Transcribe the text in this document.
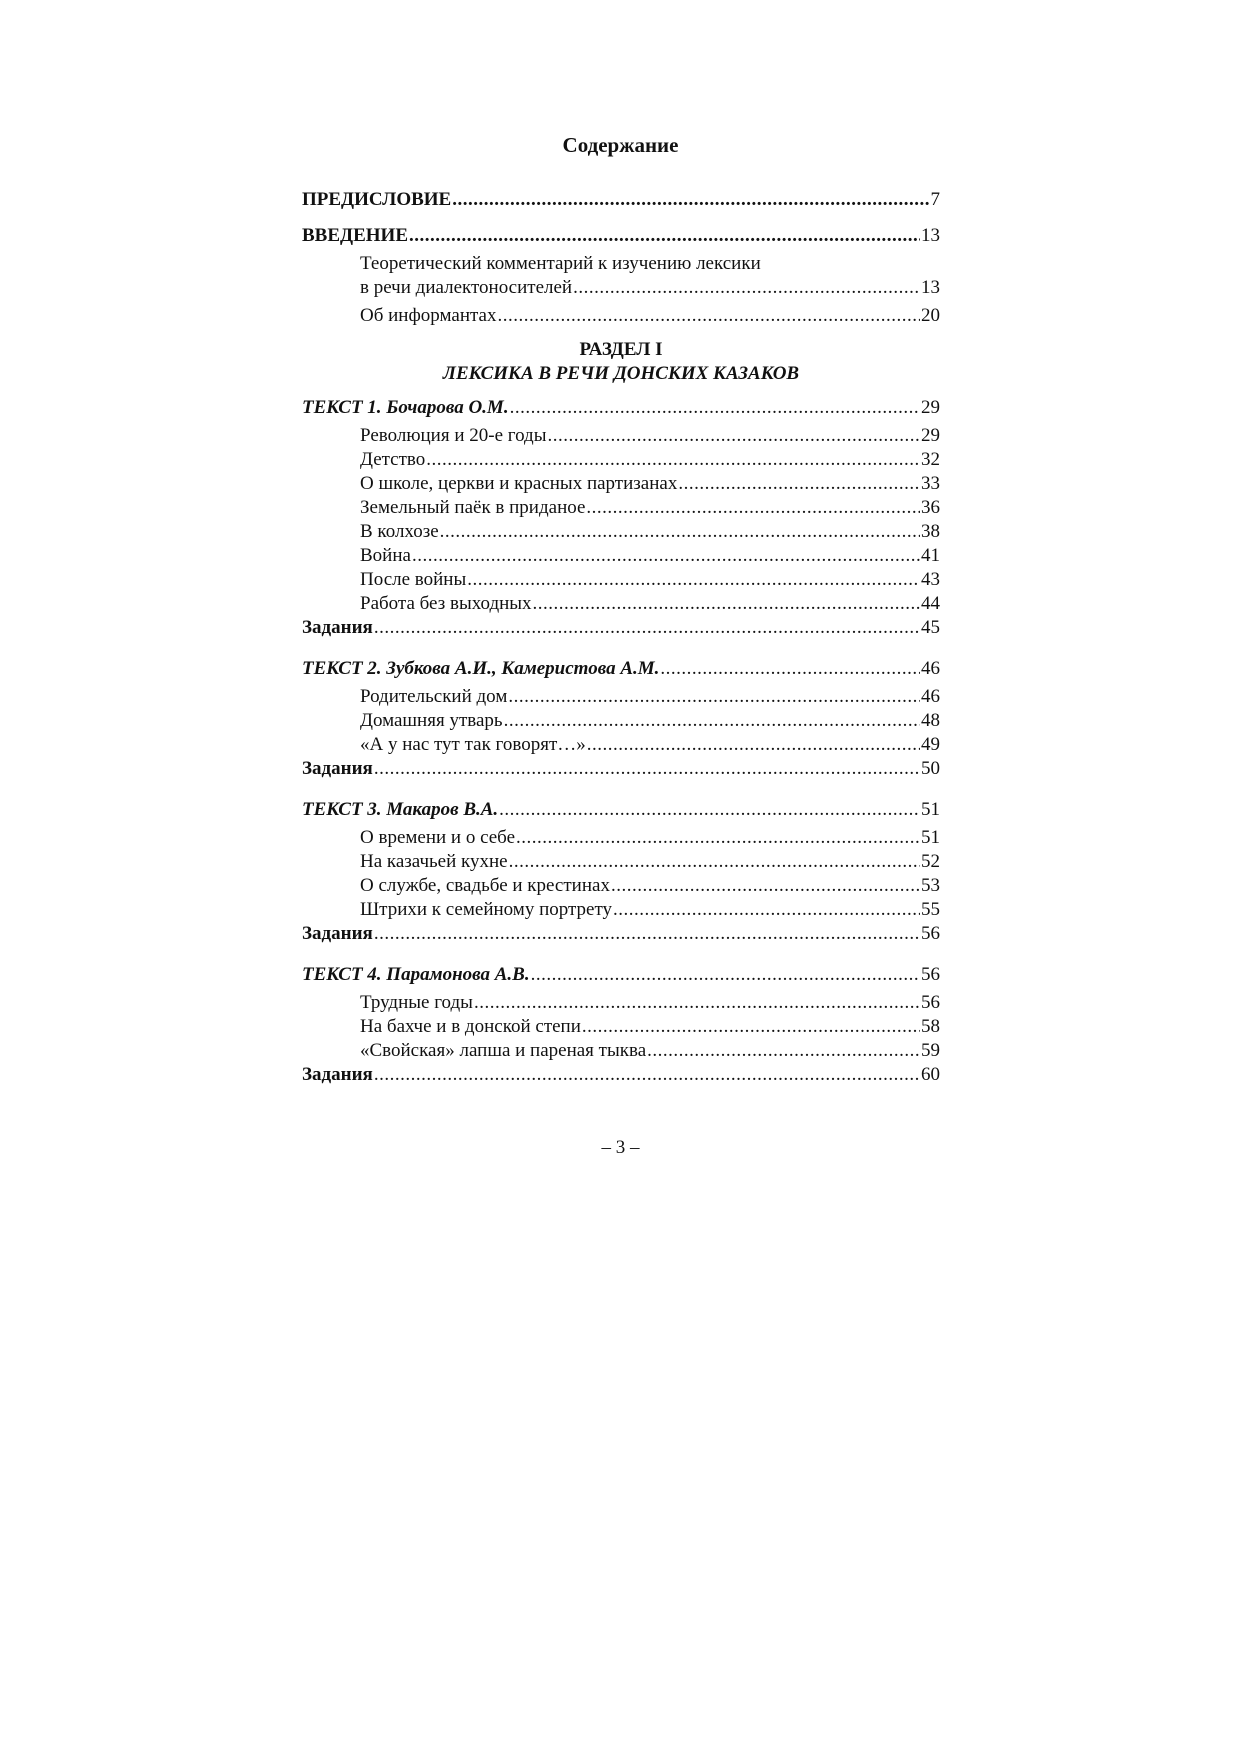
Содержание
ПРЕДИСЛОВИЕ .....	7
ВВЕДЕНИЕ .....	13
Теоретический комментарий к изучению лексики
в речи диалектоносителей .....	13
Об информантах .....	20
РАЗДЕЛ I
ЛЕКСИКА В РЕЧИ ДОНСКИХ КАЗАКОВ
ТЕКСТ 1. Бочарова О.М. .....	29
Революция и 20-е годы .....	29
Детство .....	32
О школе, церкви и красных партизанах .....	33
Земельный паёк в приданое .....	36
В колхозе .....	38
Война .....	41
После войны .....	43
Работа без выходных .....	44
Задания .....	45
ТЕКСТ 2. Зубкова А.И., Камеристова А.М. .....	46
Родительский дом .....	46
Домашняя утварь .....	48
«А у нас тут так говорят…» .....	49
Задания .....	50
ТЕКСТ 3. Макаров В.А. .....	51
О времени и о себе .....	51
На казачьей кухне .....	52
О службе, свадьбе и крестинах .....	53
Штрихи к семейному портрету .....	55
Задания .....	56
ТЕКСТ 4. Парамонова А.В. .....	56
Трудные годы .....	56
На бахче и в донской степи .....	58
«Свойская» лапша и пареная тыква .....	59
Задания .....	60
– 3 –
